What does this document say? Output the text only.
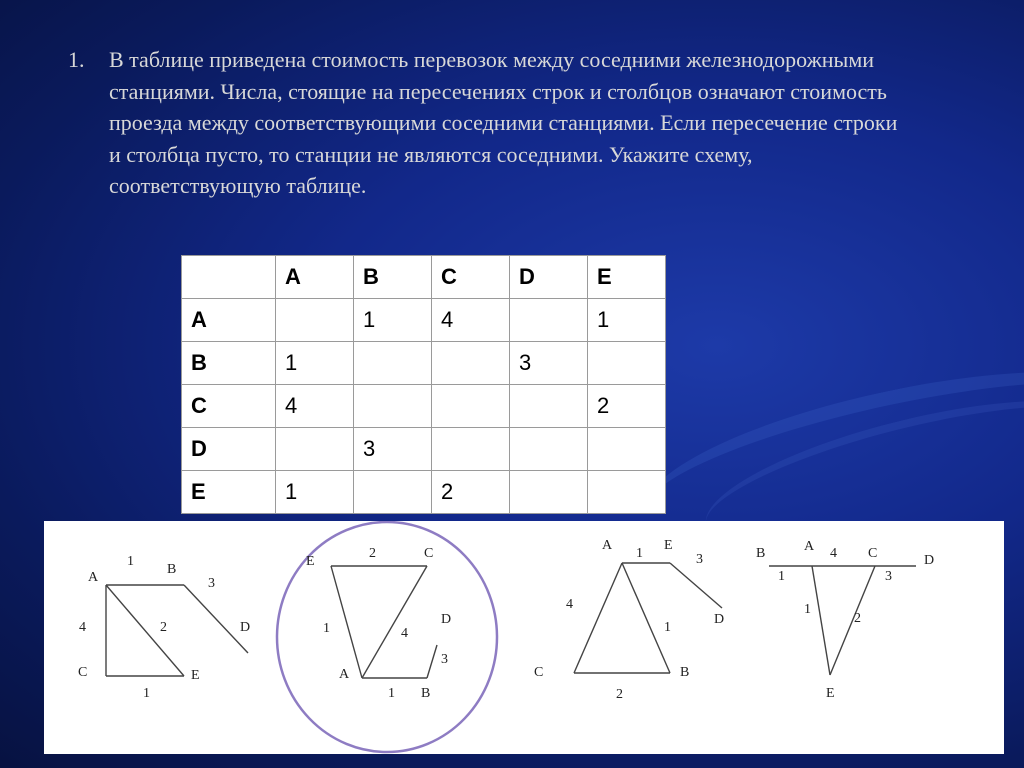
1. В таблице приведена стоимость перевозок между соседними железнодорожными станциями. Числа, стоящие на пересечениях строк и столбцов означают стоимость проезда между соответствующими соседними станциями. Если пересечение строки и столбца пусто, то станции не являются соседними. Укажите схему, соответствующую таблице.
	A	B	C	D	E
A		1	4		1
B	1			3	
C	4				2
D		3			
E	1		2		
A
B
C
D
E
1
3
4	2
1
E
C
D
A
B
2
1	4
3
1
A	E
D
C	B
1	3
4
1
2
B	A	C	D
E
4
1	3
1
2
